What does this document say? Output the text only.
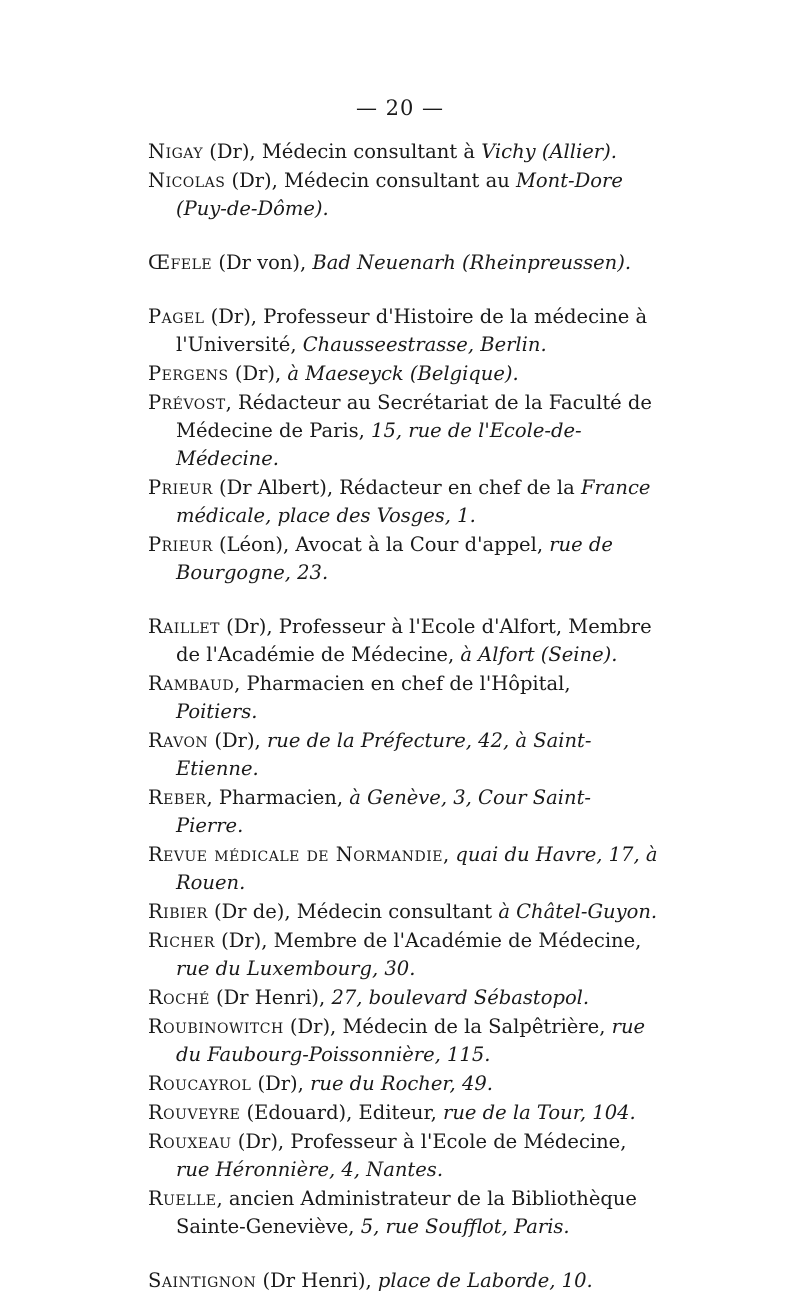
— 20 —

Nigay (Dr), Médecin consultant à Vichy (Allier).

Nicolas (Dr), Médecin consultant au Mont-Dore (Puy-de-Dôme).

Œfele (Dr von), Bad Neuenarh (Rheinpreussen).

Pagel (Dr), Professeur d'Histoire de la médecine à l'Université, Chausseestrasse, Berlin.

Pergens (Dr), à Maeseyck (Belgique).

Prévost, Rédacteur au Secrétariat de la Faculté de Médecine de Paris, 15, rue de l'Ecole-de-Médecine.

Prieur (Dr Albert), Rédacteur en chef de la France médicale, place des Vosges, 1.

Prieur (Léon), Avocat à la Cour d'appel, rue de Bourgogne, 23.

Raillet (Dr), Professeur à l'Ecole d'Alfort, Membre de l'Académie de Médecine, à Alfort (Seine).

Rambaud, Pharmacien en chef de l'Hôpital, Poitiers.

Ravon (Dr), rue de la Préfecture, 42, à Saint-Etienne.

Reber, Pharmacien, à Genève, 3, Cour Saint-Pierre.

Revue médicale de Normandie, quai du Havre, 17, à Rouen.

Ribier (Dr de), Médecin consultant à Châtel-Guyon.

Richer (Dr), Membre de l'Académie de Médecine, rue du Luxembourg, 30.

Roché (Dr Henri), 27, boulevard Sébastopol.

Roubinowitch (Dr), Médecin de la Salpêtrière, rue du Faubourg-Poissonnière, 115.

Roucayrol (Dr), rue du Rocher, 49.

Rouveyre (Edouard), Editeur, rue de la Tour, 104.

Rouxeau (Dr), Professeur à l'Ecole de Médecine, rue Héronnière, 4, Nantes.

Ruelle, ancien Administrateur de la Bibliothèque Sainte-Geneviève, 5, rue Soufflot, Paris.

Saintignon (Dr Henri), place de Laborde, 10.
